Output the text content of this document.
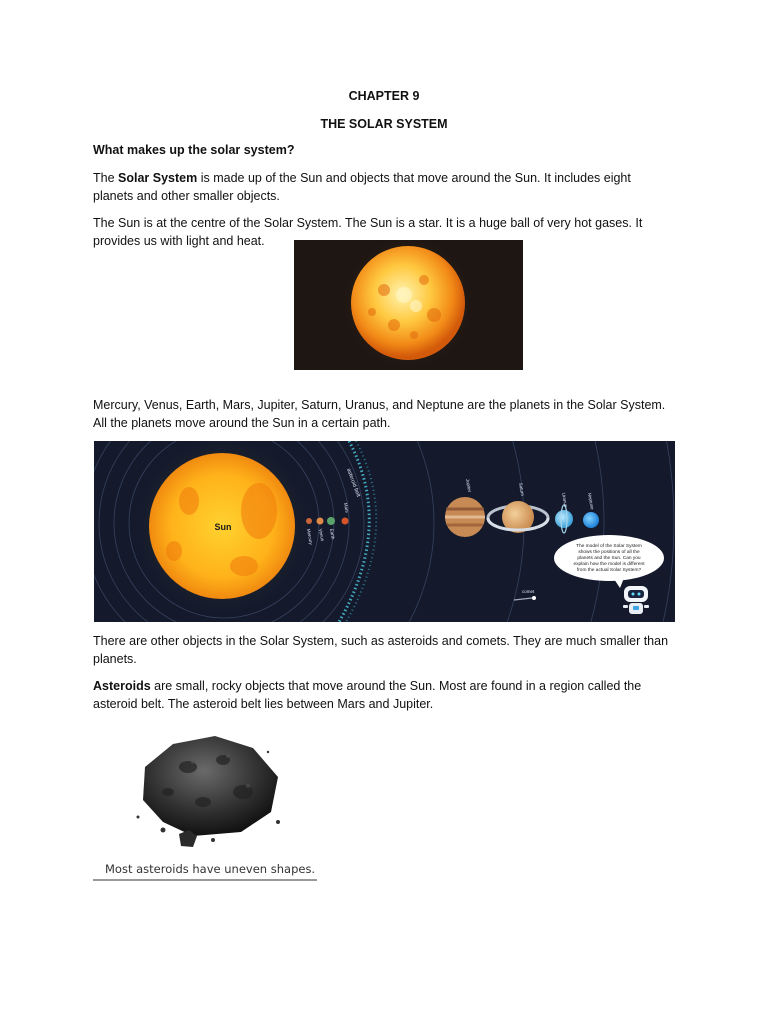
CHAPTER 9
THE SOLAR SYSTEM
What makes up the solar system?
The Solar System is made up of the Sun and objects that move around the Sun. It includes eight planets and other smaller objects.
The Sun is at the centre of the Solar System. The Sun is a star. It is a huge ball of very hot gases. It provides us with light and heat.
Mercury, Venus, Earth, Mars, Jupiter, Saturn, Uranus, and Neptune are the planets in the Solar System. All the planets move around the Sun in a certain path.
asteroid belt
Sun
Mercury Venus Earth
Mars
Jupiter	Saturn
Uranus	Neptune
comet
The model of the Solar System
shows the positions of all the
planets and the Sun. Can you
explain how the model is different
from the actual Solar System?
There are other objects in the Solar System, such as asteroids and comets. They are much smaller than planets.
Asteroids are small, rocky objects that move around the Sun. Most are found in a region called the asteroid belt. The asteroid belt lies between Mars and Jupiter.
Most asteroids have uneven shapes.
